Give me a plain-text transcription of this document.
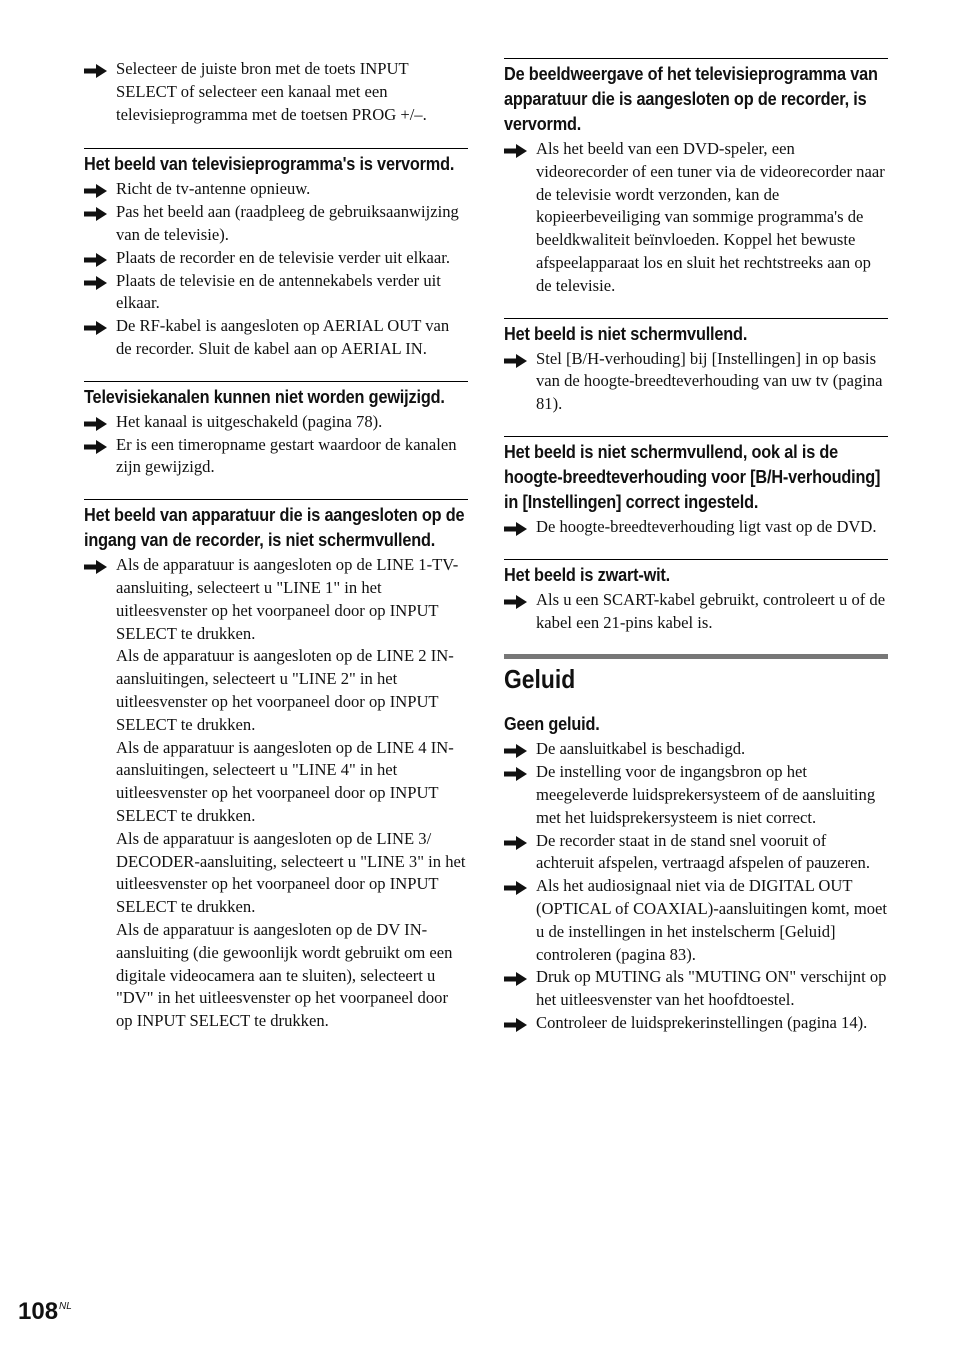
Selecteer de juiste bron met de toets INPUT SELECT of selecteer een kanaal met een televisieprogramma met de toetsen PROG +/–.

Het beeld van televisieprogramma's is vervormd.

Richt de tv-antenne opnieuw.

Pas het beeld aan (raadpleeg de gebruiksaanwijzing van de televisie).

Plaats de recorder en de televisie verder uit elkaar.

Plaats de televisie en de antennekabels verder uit elkaar.

De RF-kabel is aangesloten op AERIAL OUT van de recorder. Sluit de kabel aan op AERIAL IN.

Televisiekanalen kunnen niet worden gewijzigd.

Het kanaal is uitgeschakeld (pagina 78).

Er is een timeropname gestart waardoor de kanalen zijn gewijzigd.

Het beeld van apparatuur die is aangesloten op de ingang van de recorder, is niet schermvullend.

Als de apparatuur is aangesloten op de LINE 1-TV-aansluiting, selecteert u "LINE 1" in het uitleesvenster op het voorpaneel door op INPUT SELECT te drukken.

Als de apparatuur is aangesloten op de LINE 2 IN-aansluitingen, selecteert u "LINE 2" in het uitleesvenster op het voorpaneel door op INPUT SELECT te drukken.

Als de apparatuur is aangesloten op de LINE 4 IN-aansluitingen, selecteert u "LINE 4" in het uitleesvenster op het voorpaneel door op INPUT SELECT te drukken.

Als de apparatuur is aangesloten op de LINE 3/ DECODER-aansluiting, selecteert u "LINE 3" in het uitleesvenster op het voorpaneel door op INPUT SELECT te drukken.

Als de apparatuur is aangesloten op de DV IN-aansluiting (die gewoonlijk wordt gebruikt om een digitale videocamera aan te sluiten), selecteert u "DV" in het uitleesvenster op het voorpaneel door op INPUT SELECT te drukken.

De beeldweergave of het televisieprogramma van apparatuur die is aangesloten op de recorder, is vervormd.

Als het beeld van een DVD-speler, een videorecorder of een tuner via de videorecorder naar de televisie wordt verzonden, kan de kopieerbeveiliging van sommige programma's de beeldkwaliteit beïnvloeden. Koppel het bewuste afspeelapparaat los en sluit het rechtstreeks aan op de televisie.

Het beeld is niet schermvullend.

Stel [B/H-verhouding] bij [Instellingen] in op basis van de hoogte-breedteverhouding van uw tv (pagina 81).

Het beeld is niet schermvullend, ook al is de hoogte-breedteverhouding voor [B/H-verhouding] in [Instellingen] correct ingesteld.

De hoogte-breedteverhouding ligt vast op de DVD.

Het beeld is zwart-wit.

Als u een SCART-kabel gebruikt, controleert u of de kabel een 21-pins kabel is.

Geluid
Geen geluid.

De aansluitkabel is beschadigd.

De instelling voor de ingangsbron op het meegeleverde luidsprekersysteem of de aansluiting met het luidsprekersysteem is niet correct.

De recorder staat in de stand snel vooruit of achteruit afspelen, vertraagd afspelen of pauzeren.

Als het audiosignaal niet via de DIGITAL OUT (OPTICAL of COAXIAL)-aansluitingen komt, moet u de instellingen in het instelscherm [Geluid] controleren (pagina 83).

Druk op MUTING als "MUTING ON" verschijnt op het uitleesvenster van het hoofdtoestel.

Controleer de luidsprekerinstellingen (pagina 14).

$108^{NL}$
